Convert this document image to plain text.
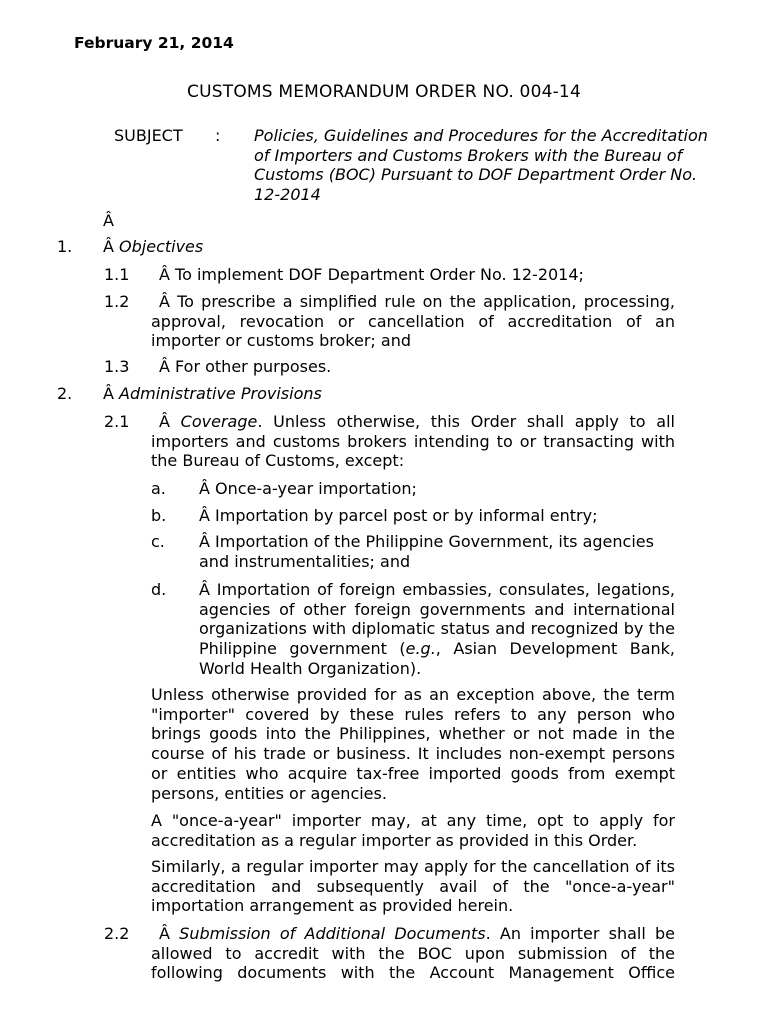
February 21, 2014

CUSTOMS MEMORANDUM ORDER NO. 004-14

SUBJECT : Policies, Guidelines and Procedures for the Accreditation of Importers and Customs Brokers with the Bureau of Customs (BOC) Pursuant to DOF Department Order No. 12-2014

Â

1. Â Objectives
1.1 Â To implement DOF Department Order No. 12-2014;

1.2	Â To prescribe a simplified rule on the application, processing, approval, revocation or cancellation of accreditation of an importer or customs broker; and

1.3 Â For other purposes.

2. Â Administrative Provisions
2.1	Â Coverage. Unless otherwise, this Order shall apply to all importers and customs brokers intending to or transacting with the Bureau of Customs, except:

a. Â Once-a-year importation;

b. Â Importation by parcel post or by informal entry;

c. Â Importation of the Philippine Government, its agencies and instrumentalities; and

d. Â Importation of foreign embassies, consulates, legations, agencies of other foreign governments and international organizations with diplomatic status and recognized by the Philippine government (e.g., Asian Development Bank, World Health Organization).

Unless otherwise provided for as an exception above, the term "importer" covered by these rules refers to any person who brings goods into the Philippines, whether or not made in the course of his trade or business. It includes non-exempt persons or entities who acquire tax-free imported goods from exempt persons, entities or agencies.

A "once-a-year" importer may, at any time, opt to apply for accreditation as a regular importer as provided in this Order.

Similarly, a regular importer may apply for the cancellation of its accreditation and subsequently avail of the "once-a-year" importation arrangement as provided herein.

2.2	Â Submission of Additional Documents. An importer shall be allowed to accredit with the BOC upon submission of the following documents with the Account Management Office
